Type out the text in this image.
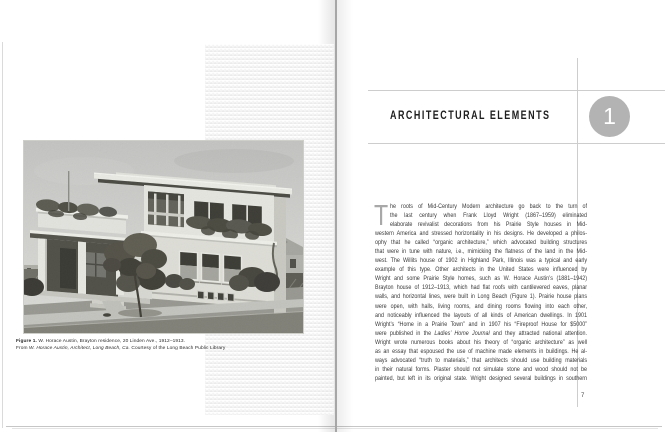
Figure 1. W. Horace Austin, Brayton residence, 20 Linden Ave., 1912–1913.
From W. Horace Austin, Architect, Long Beach, Ca. Courtesy of the Long Beach Public Library
ARCHITECTURAL ELEMENTS 1
T he roots of Mid-Century Modern architecture go back to the turn of
the last century when Frank Lloyd Wright (1867–1959) eliminated
elaborate revivalist decorations from his Prairie Style houses in Mid-
western America and stressed horizontality in his designs. He developed a philos-
ophy that he called “organic architecture,” which advocated building structures
that were in tune with nature, i.e., mimicking the flatness of the land in the Mid-
west. The Willits house of 1902 in Highland Park, Illinois was a typical and early
example of this type. Other architects in the United States were influenced by
Wright and some Prairie Style homes, such as W. Horace Austin’s (1881–1942)
Brayton house of 1912–1913, which had flat roofs with cantilevered eaves, planar
walls, and horizontal lines, were built in Long Beach (Figure 1). Prairie house plans
were open, with halls, living rooms, and dining rooms flowing into each other,
and noticeably influenced the layouts of all kinds of American dwellings. In 1901
Wright’s “Home in a Prairie Town” and in 1907 his “Fireproof House for $5000”
were published in the Ladies’ Home Journal and they attracted national attention.
Wright wrote numerous books about his theory of “organic architecture” as well
as an essay that espoused the use of machine made elements in buildings. He al-
ways advocated “truth to materials,” that architects should use building materials
in their natural forms. Plaster should not simulate stone and wood should not be
painted, but left in its original state. Wright designed several buildings in southern
7
